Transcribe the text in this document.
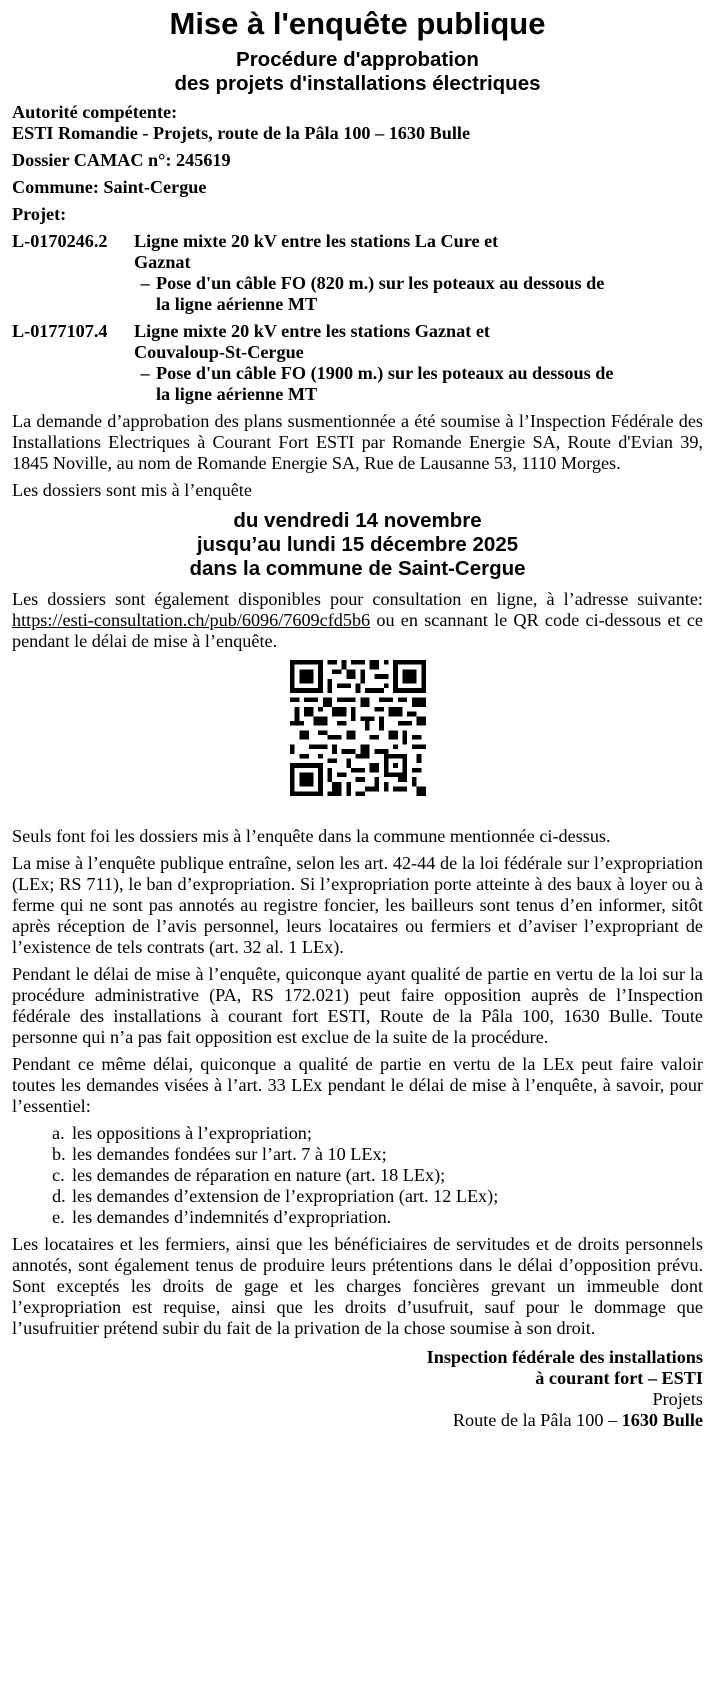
Mise à l'enquête publique
Procédure d'approbation
des projets d'installations électriques
Autorité compétente:
ESTI Romandie - Projets, route de la Pâla 100 – 1630 Bulle
Dossier CAMAC n°: 245619
Commune: Saint-Cergue
Projet:
L-0170246.2	Ligne mixte 20 kV entre les stations La Cure et
Gaznat
– Pose d'un câble FO (820 m.) sur les poteaux au dessous de
la ligne aérienne MT
L-0177107.4	Ligne mixte 20 kV entre les stations Gaznat et
Couvaloup-St-Cergue
– Pose d'un câble FO (1900 m.) sur les poteaux au dessous de
la ligne aérienne MT
La demande d’approbation des plans susmentionnée a été soumise à l’Inspection Fédérale des Installations Electriques à Courant Fort ESTI par Romande Energie SA, Route d'Evian 39, 1845 Noville, au nom de Romande Energie SA, Rue de Lausanne 53, 1110 Morges.
Les dossiers sont mis à l’enquête
du vendredi 14 novembre
jusqu’au lundi 15 décembre 2025
dans la commune de Saint-Cergue
Les dossiers sont également disponibles pour consultation en ligne, à l’adresse suivante: https://esti-consultation.ch/pub/6096/7609cfd5b6 ou en scannant le QR code ci-dessous et ce pendant le délai de mise à l’enquête.
Seuls font foi les dossiers mis à l’enquête dans la commune mentionnée ci-dessus.
La mise à l’enquête publique entraîne, selon les art. 42-44 de la loi fédérale sur l’expropriation (LEx; RS 711), le ban d’expropriation. Si l’expropriation porte atteinte à des baux à loyer ou à ferme qui ne sont pas annotés au registre foncier, les bailleurs sont tenus d’en informer, sitôt après réception de l’avis personnel, leurs locataires ou fermiers et d’aviser l’expropriant de l’existence de tels contrats (art. 32 al. 1 LEx).
Pendant le délai de mise à l’enquête, quiconque ayant qualité de partie en vertu de la loi sur la procédure administrative (PA, RS 172.021) peut faire opposition auprès de l’Inspection fédérale des installations à courant fort ESTI, Route de la Pâla 100, 1630 Bulle. Toute personne qui n’a pas fait opposition est exclue de la suite de la procédure.
Pendant ce même délai, quiconque a qualité de partie en vertu de la LEx peut faire valoir toutes les demandes visées à l’art. 33 LEx pendant le délai de mise à l’enquête, à savoir, pour l’essentiel:
a. les oppositions à l’expropriation;
b. les demandes fondées sur l’art. 7 à 10 LEx;
c. les demandes de réparation en nature (art. 18 LEx);
d. les demandes d’extension de l’expropriation (art. 12 LEx);
e. les demandes d’indemnités d’expropriation.
Les locataires et les fermiers, ainsi que les bénéficiaires de servitudes et de droits personnels annotés, sont également tenus de produire leurs prétentions dans le délai d’opposition prévu. Sont exceptés les droits de gage et les charges foncières grevant un immeuble dont l’expropriation est requise, ainsi que les droits d’usufruit, sauf pour le dommage que l’usufruitier prétend subir du fait de la privation de la chose soumise à son droit.
Inspection fédérale des installations
à courant fort – ESTI
Projets
Route de la Pâla 100 – 1630 Bulle
